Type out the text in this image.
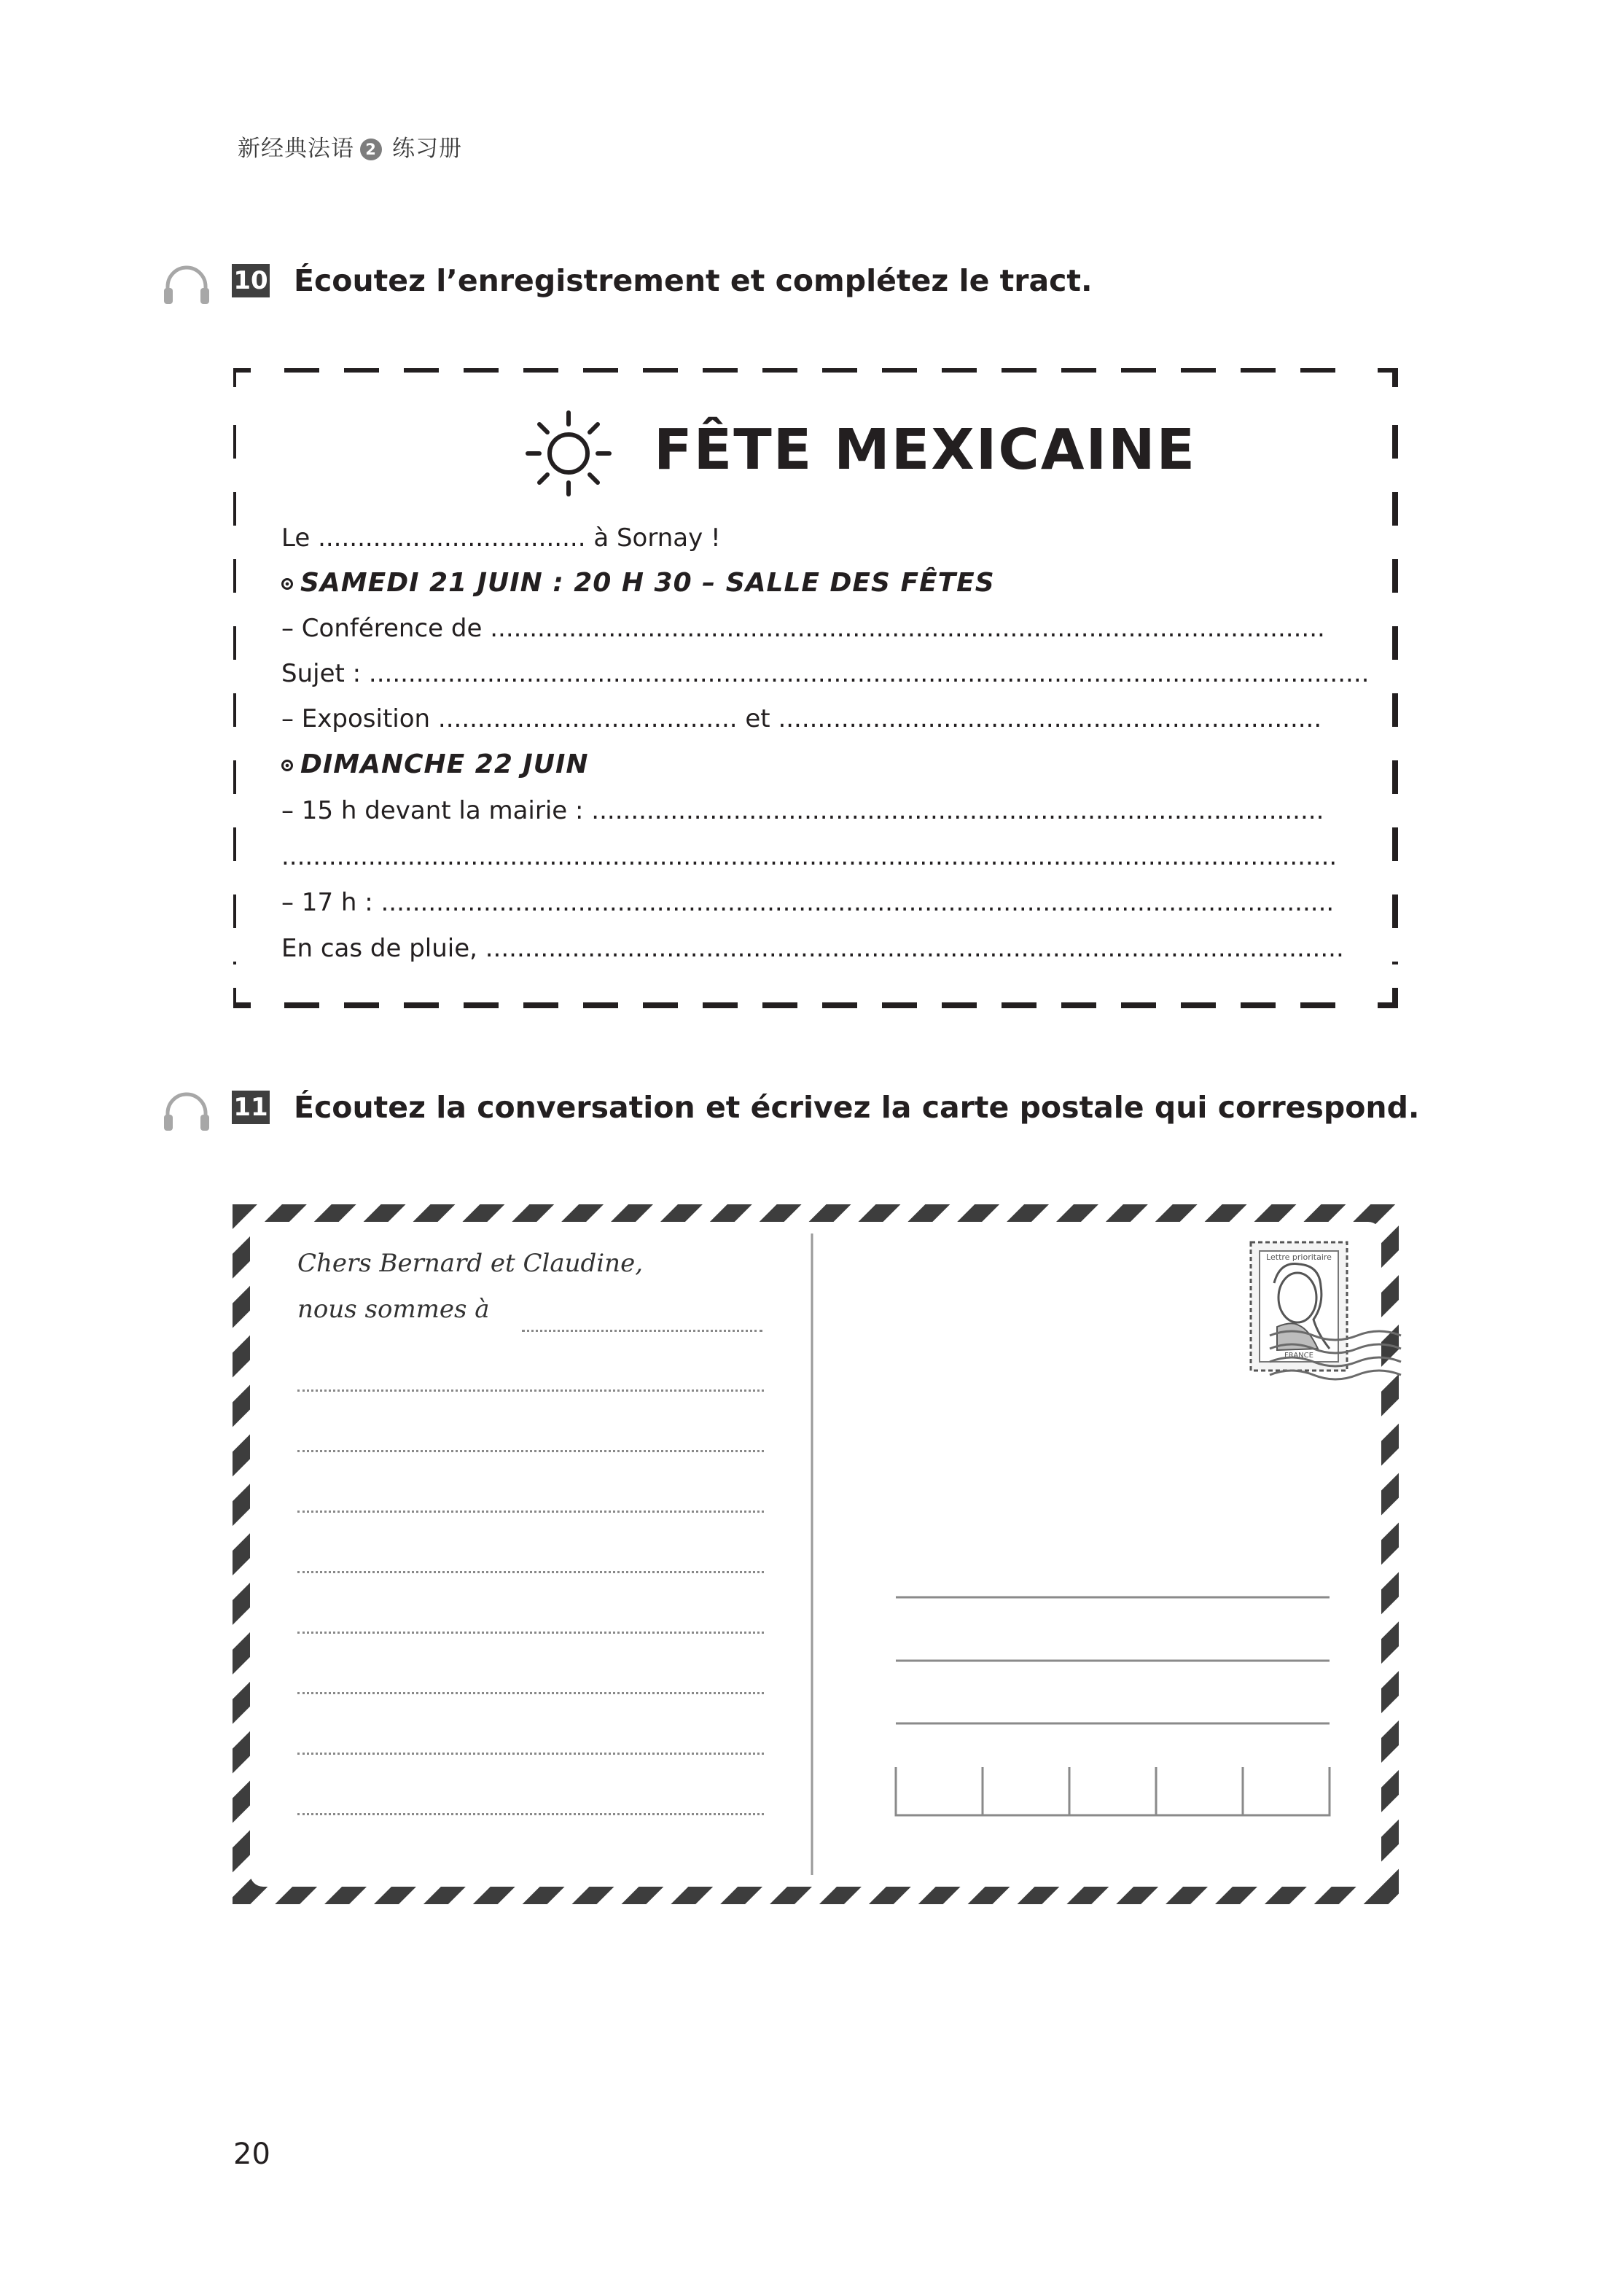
新经典法语 2 练习册
10 Écoutez l’enregistrement et complétez le tract.
FÊTE MEXICAINE
Le .................................. à Sornay !
SAMEDI 21 JUIN : 20 H 30 – SALLE DES FÊTES
– Conférence de ..........................................................................................................
Sujet : ...............................................................................................................................
– Exposition ...................................... et .....................................................................
DIMANCHE 22 JUIN
– 15 h devant la mairie : .............................................................................................
......................................................................................................................................
– 17 h : .........................................................................................................................
En cas de pluie, .............................................................................................................
11 Écoutez la conversation et écrivez la carte postale qui correspond.
Lettre prioritaire
FRANCE
Chers Bernard et Claudine,
nous sommes à
20
